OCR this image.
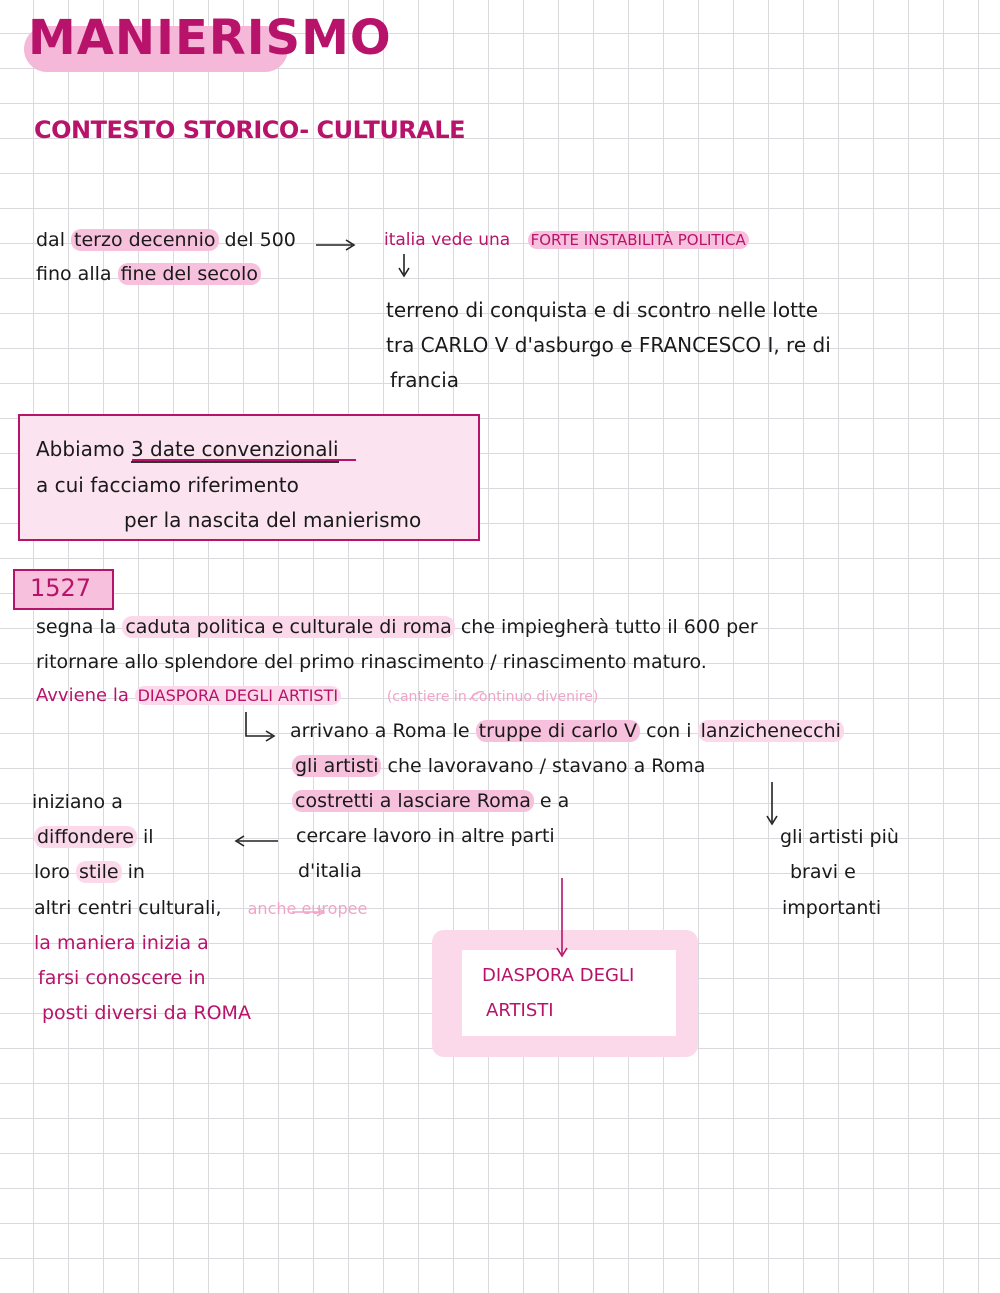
MANIERISMO
CONTESTO STORICO- CULTURALE
dal terzo decennio del 500
fino alla fine del secolo
italia vede una FORTE INSTABILITÀ POLITICA
terreno di conquista e di scontro nelle lotte
tra CARLO V d'asburgo e FRANCESCO I, re di
francia
Abbiamo 3 date convenzionali
a cui facciamo riferimento
per la nascita del manierismo
1527
segna la caduta politica e culturale di roma che impiegherà tutto il 600 per
ritornare allo splendore del primo rinascimento / rinascimento maturo.
Avviene la DIASPORA DEGLI ARTISTI	(cantiere in continuo divenire)
arrivano a Roma le truppe di carlo V con i lanzichenecchi
gli artisti che lavoravano / stavano a Roma
costretti a lasciare Roma e a
cercare lavoro in altre parti
d'italia
iniziano a
diffondere il
loro stile in
altri centri culturali, anche europee
la maniera inizia a
farsi conoscere in
posti diversi da ROMA
gli artisti più
bravi e
importanti
DIASPORA DEGLI
ARTISTI
